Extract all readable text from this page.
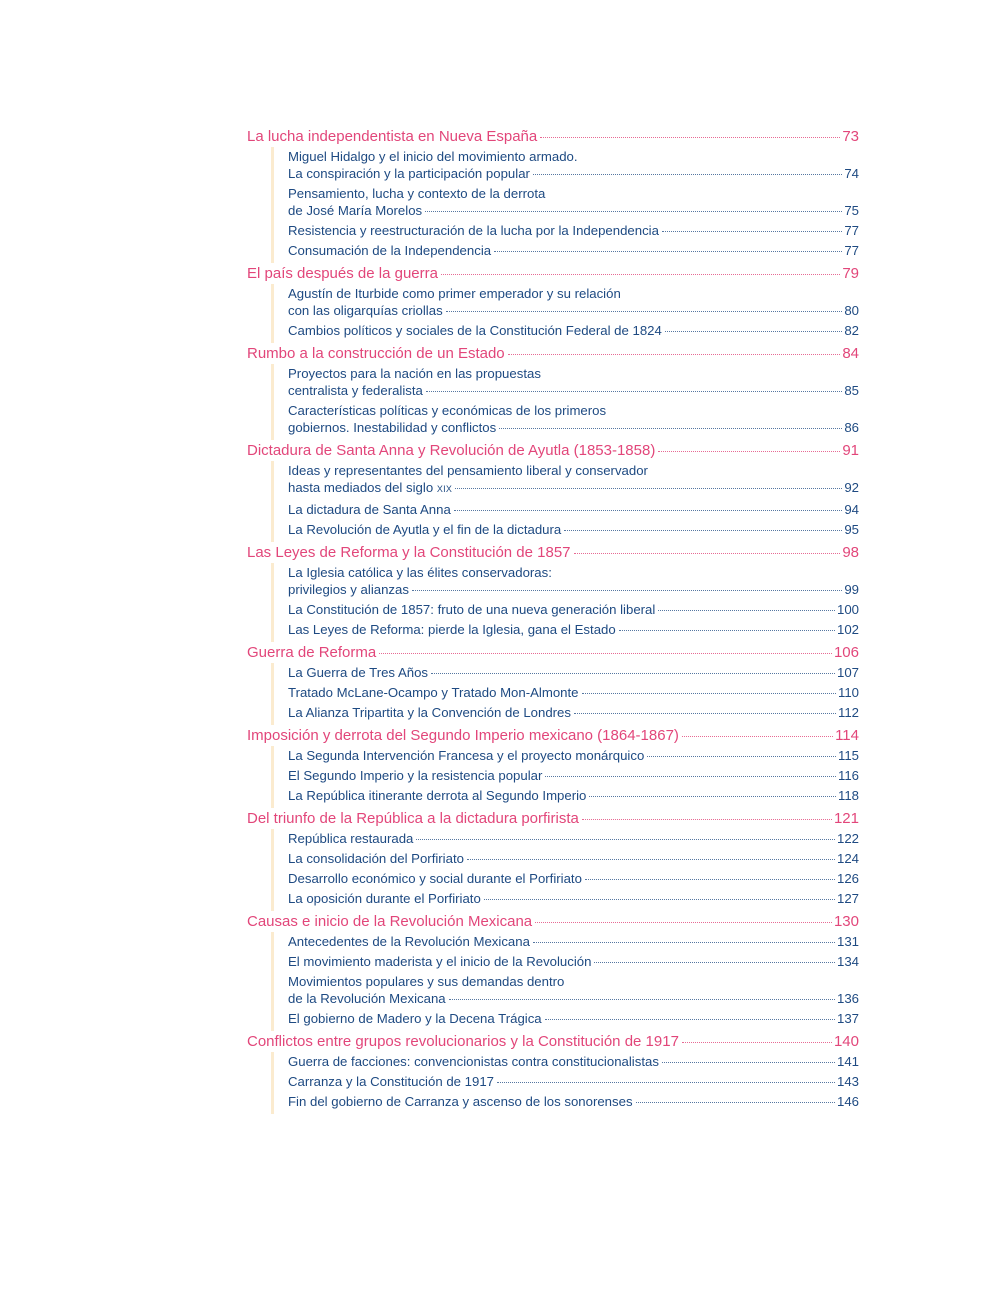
La lucha independentista en Nueva España	73
Miguel Hidalgo y el inicio del movimiento armado.
La conspiración y la participación popular	74
Pensamiento, lucha y contexto de la derrota
de José María Morelos	75
Resistencia y reestructuración de la lucha por la Independencia	77
Consumación de la Independencia	77
El país después de la guerra	79
Agustín de Iturbide como primer emperador y su relación
con las oligarquías criollas	80
Cambios políticos y sociales de la Constitución Federal de 1824	82
Rumbo a la construcción de un Estado	84
Proyectos para la nación en las propuestas
centralista y federalista	85
Características políticas y económicas de los primeros
gobiernos. Inestabilidad y conflictos	86
Dictadura de Santa Anna y Revolución de Ayutla (1853-1858)	91
Ideas y representantes del pensamiento liberal y conservador
hasta mediados del siglo
XIX	92
La dictadura de Santa Anna	94
La Revolución de Ayutla y el fin de la dictadura	95
Las Leyes de Reforma y la Constitución de 1857	98
La Iglesia católica y las élites conservadoras:
privilegios y alianzas	99
La Constitución de 1857: fruto de una nueva generación liberal	100
Las Leyes de Reforma: pierde la Iglesia, gana el Estado	102
Guerra de Reforma	106
La Guerra de Tres Años	107
Tratado McLane-Ocampo y Tratado Mon-Almonte	110
La Alianza Tripartita y la Convención de Londres	112
Imposición y derrota del Segundo Imperio mexicano (1864-1867)	114
La Segunda Intervención Francesa y el proyecto monárquico	115
El Segundo Imperio y la resistencia popular	116
La República itinerante derrota al Segundo Imperio	118
Del triunfo de la República a la dictadura porfirista	121
República restaurada	122
La consolidación del Porfiriato	124
Desarrollo económico y social durante el Porfiriato	126
La oposición durante el Porfiriato	127
Causas e inicio de la Revolución Mexicana	130
Antecedentes de la Revolución Mexicana	131
El movimiento maderista y el inicio de la Revolución	134
Movimientos populares y sus demandas dentro
de la Revolución Mexicana	136
El gobierno de Madero y la Decena Trágica	137
Conflictos entre grupos revolucionarios y la Constitución de 1917	140
Guerra de facciones: convencionistas contra constitucionalistas	141
Carranza y la Constitución de 1917	143
Fin del gobierno de Carranza y ascenso de los sonorenses	146
